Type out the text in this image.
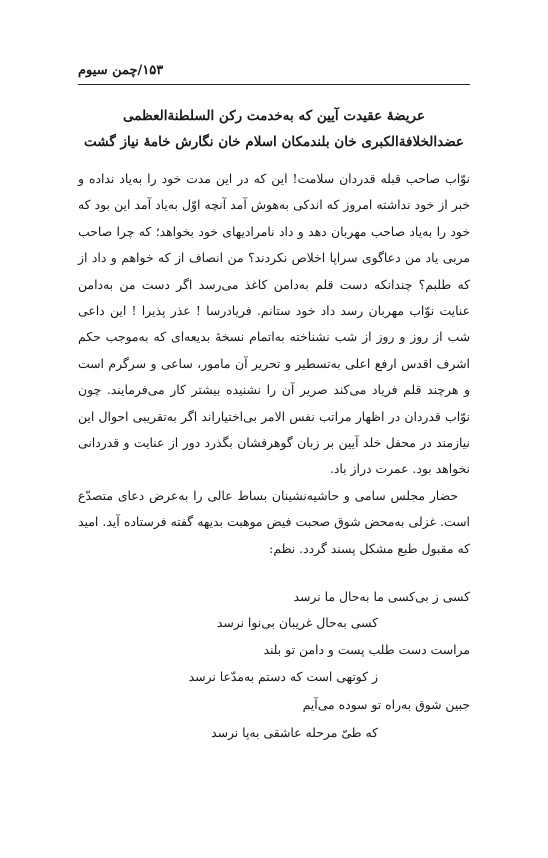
۱۵۳/چمن سیوم
عریضهٔ عقیدت آیین که به‌خدمت رکن السلطنةالعظمی
عضدالخلافةالکبری خان بلندمکان اسلام خان نگارش خامهٔ نیاز گشت

نوّاب صاحب قبله قدردان سلامت! این که در این مدت خود را به‌یاد نداده و خبر از خود نداشته امروز که اندکی به‌هوش آمد آنچه اوّل به‌یاد آمد این بود که خود را به‌یاد صاحب مهربان دهد و داد نامرادیهای خود بخواهد؛ که چرا صاحب مربی یاد من دعاگوی سراپا اخلاص نکردند؟ من انصاف از که خواهم و داد از که طلبم؟ چندانکه دست قلم به‌دامن کاغذ می‌رسد اگر دست من به‌دامن عنایت نوّاب مهربان رسد داد خود ستانم. فریادرسا ! عذر پذیرا ! این داعی شب از روز و روز از شب نشناخته به‌اتمام نسخهٔ بدیعه‌ای که به‌موجب حکم اشرف اقدس ارفع اعلی به‌تسطیر و تحریر آن مامور، ساعی و سرگرم است و هرچند قلم فریاد می‌کند صریر آن را نشنیده بیشتر کار می‌فرمایند. چون نوّاب قدردان در اظهار مراتب نفس الامر بی‌اختیاراند اگر به‌تقریبی احوال این نیازمند در محفل خلد آیین بر زبان گوهرفشان بگذرد دور از عنایت و قدردانی نخواهد بود. عمرت دراز باد.

حضار مجلس سامی و حاشیه‌نشینان بساط عالی را به‌عرض دعای متصدّع است. غزلی به‌محض شوق صحبت فیض موهبت بدیهه گفته فرستاده آید. امید که مقبول طبع مشکل پسند گردد. نظم:

کسی ز بی‌کسی ما به‌حال ما نرسد
کسی به‌حال غریبان بی‌نوا نرسد
مراست دست طلب پست و دامن تو بلند
ز کوتهی است که دستم به‌مدّعا نرسد
جبین شوق به‌راه تو سوده می‌آیم
که طیّ مرحله عاشقی به‌پا نرسد
